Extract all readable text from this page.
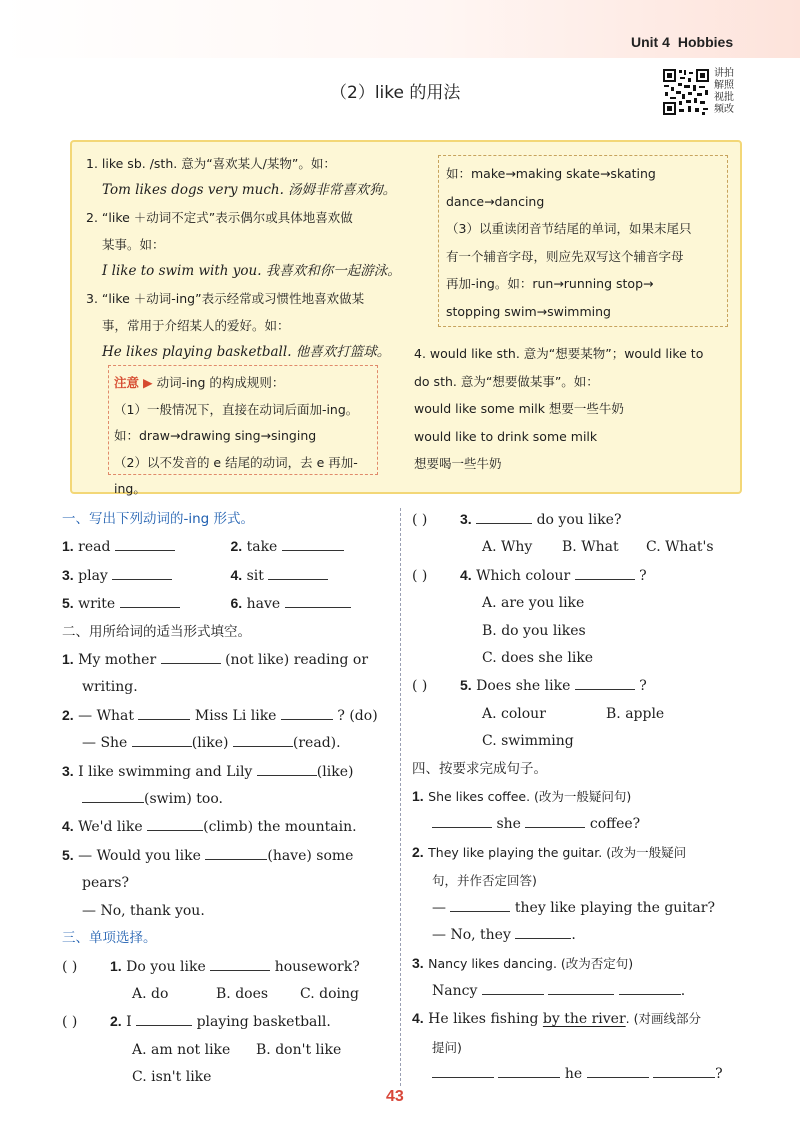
Unit 4 Hobbies
（2）like 的用法
讲拍
解照
视批
频改
1. like sb. /sth. 意为“喜欢某人/某物”。如：
Tom likes dogs very much. 汤姆非常喜欢狗。
2. “like ＋动词不定式”表示偶尔或具体地喜欢做
某事。如：
I like to swim with you. 我喜欢和你一起游泳。
3. “like ＋动词-ing”表示经常或习惯性地喜欢做某
事，常用于介绍某人的爱好。如：
He likes playing basketball. 他喜欢打篮球。
注意 ▶ 动词-ing 的构成规则：
（1）一般情况下，直接在动词后面加-ing。
如：draw→drawing sing→singing
（2）以不发音的 e 结尾的动词，去 e 再加-ing。
如：make→making skate→skating
dance→dancing
（3）以重读闭音节结尾的单词，如果末尾只
有一个辅音字母，则应先双写这个辅音字母
再加-ing。如：run→running stop→
stopping swim→swimming
4. would like sth. 意为“想要某物”；would like to
do sth. 意为“想要做某事”。如：
would like some milk 想要一些牛奶
would like to drink some milk
想要喝一些牛奶
一、写出下列动词的-ing 形式。
1. read	2. take
3. play	4. sit
5. write	6. have
二、用所给词的适当形式填空。
1. My mother	(not like) reading or
writing.
2. — What	Miss Li like	? (do)
— She	(like)	(read).
3. I like swimming and Lily	(like)
(swim) too.
4. We'd like	(climb) the mountain.
5. — Would you like	(have) some
pears?
— No, thank you.
三、单项选择。
( ) 1. Do you like	housework?
A. do	B. does C. doing
( ) 2. I	playing basketball.
A. am not like B. don't like
C. isn't like
( ) 3.	do you like?
A. Why B. What C. What's
( ) 4. Which colour	?
A. are you like
B. do you likes
C. does she like
( ) 5. Does she like	?
A. colour	B. apple
C. swimming
四、按要求完成句子。
1. She likes coffee. (改为一般疑问句)
she	coffee?
2. They like playing the guitar. (改为一般疑问
句，并作否定回答)
—	they like playing the guitar?
— No, they	.
3. Nancy likes dancing. (改为否定句)
Nancy	.
4. He likes fishing by the river. (对画线部分
提问)
he	?
43
